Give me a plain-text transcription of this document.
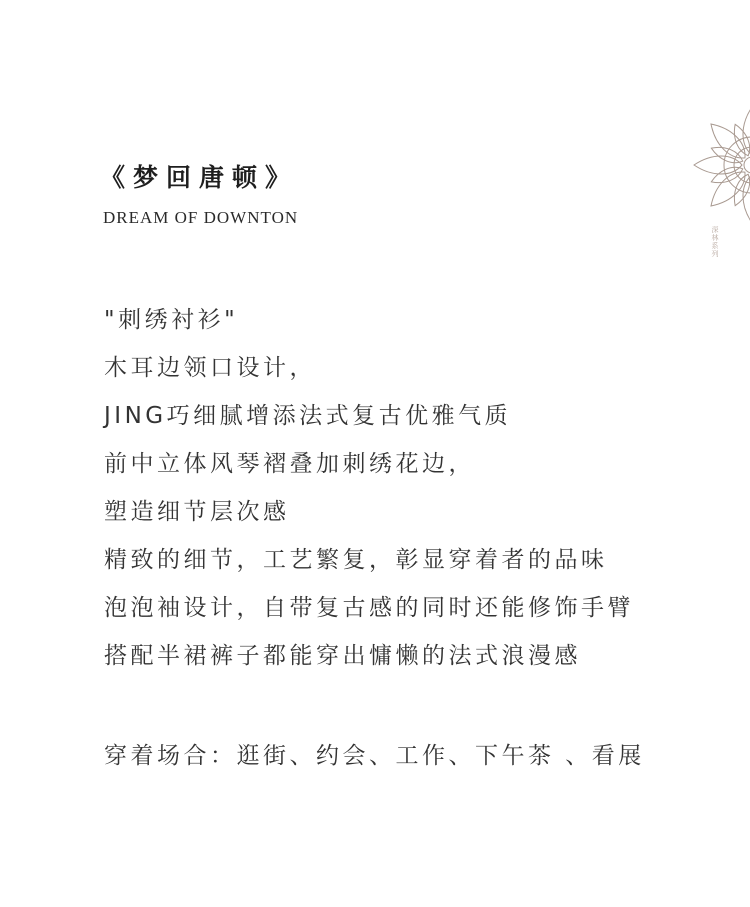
《梦回唐顿》
DREAM OF DOWNTON
"刺绣衬衫"
木耳边领口设计，
JING巧细腻增添法式复古优雅气质
前中立体风琴褶叠加刺绣花边，
塑造细节层次感
精致的细节，工艺繁复，彰显穿着者的品味
泡泡袖设计，自带复古感的同时还能修饰手臂
搭配半裙裤子都能穿出慵懒的法式浪漫感
穿着场合：逛街、约会、工作、下午茶 、看展
深林系列
